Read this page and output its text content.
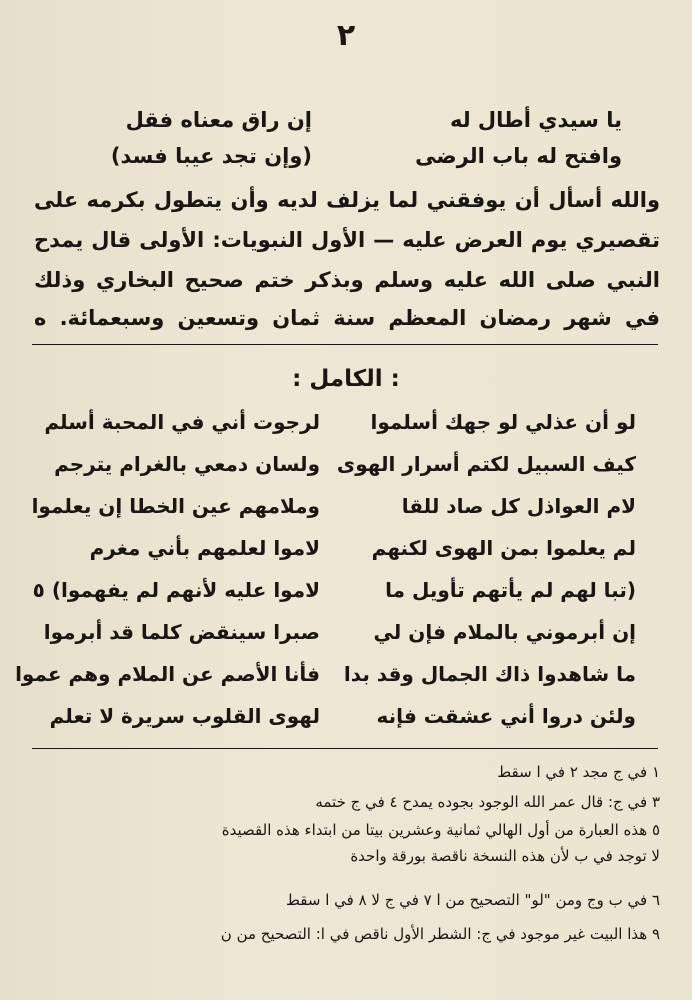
٢
يا سيدي أطال له
إن راق معناه فقل
وافتح له باب الرضى
(وإن تجد عيبا فسد)
والله أسأل أن يوفقني لما يزلف لديه وأن يتطول بكرمه على
تقصيري يوم العرض عليه — الأول النبويات: الأولى قال يمدح
النبي صلى الله عليه وسلم وبذكر ختم صحيح البخاري وذلك
في شهر رمضان المعظم سنة ثمان وتسعين وسبعمائة. ه
: الكامل :
لو أن عذلي لو جهك أسلموا
لرجوت أني في المحبة أسلم
كيف السبيل لكتم أسرار الهوى
ولسان دمعي بالغرام يترجم
لام العواذل كل صاد للقا
وملامهم عين الخطا إن يعلموا
لم يعلموا بمن الهوى لكنهم
لاموا لعلمهم بأني مغرم
(تبا لهم لم يأتهم تأويل ما
لاموا عليه لأنهم لم يفهموا) ٥
إن أبرموني بالملام فإن لي
صبرا سينقض كلما قد أبرموا
ما شاهدوا ذاك الجمال وقد بدا
فأنا الأصم عن الملام وهم عموا
ولئن دروا أني عشقت فإنه
لهوى القلوب سريرة لا تعلم
١ في ج مجد ٢ في ا سقط
٣ في ج: قال عمر الله الوجود بجوده يمدح ٤ في ج ختمه
٥ هذه العبارة من أول الهالي ثمانية وعشرين بيتا من ابتداء هذه القصيدة
لا توجد في ب لأن هذه النسخة ناقصة بورقة واحدة
٦ في ب وج ومن "لو" التصحيح من ا ٧ في ج لا ٨ في ا سقط
٩ هذا البيت غير موجود في ج: الشطر الأول ناقص في ا: التصحيح من ن
